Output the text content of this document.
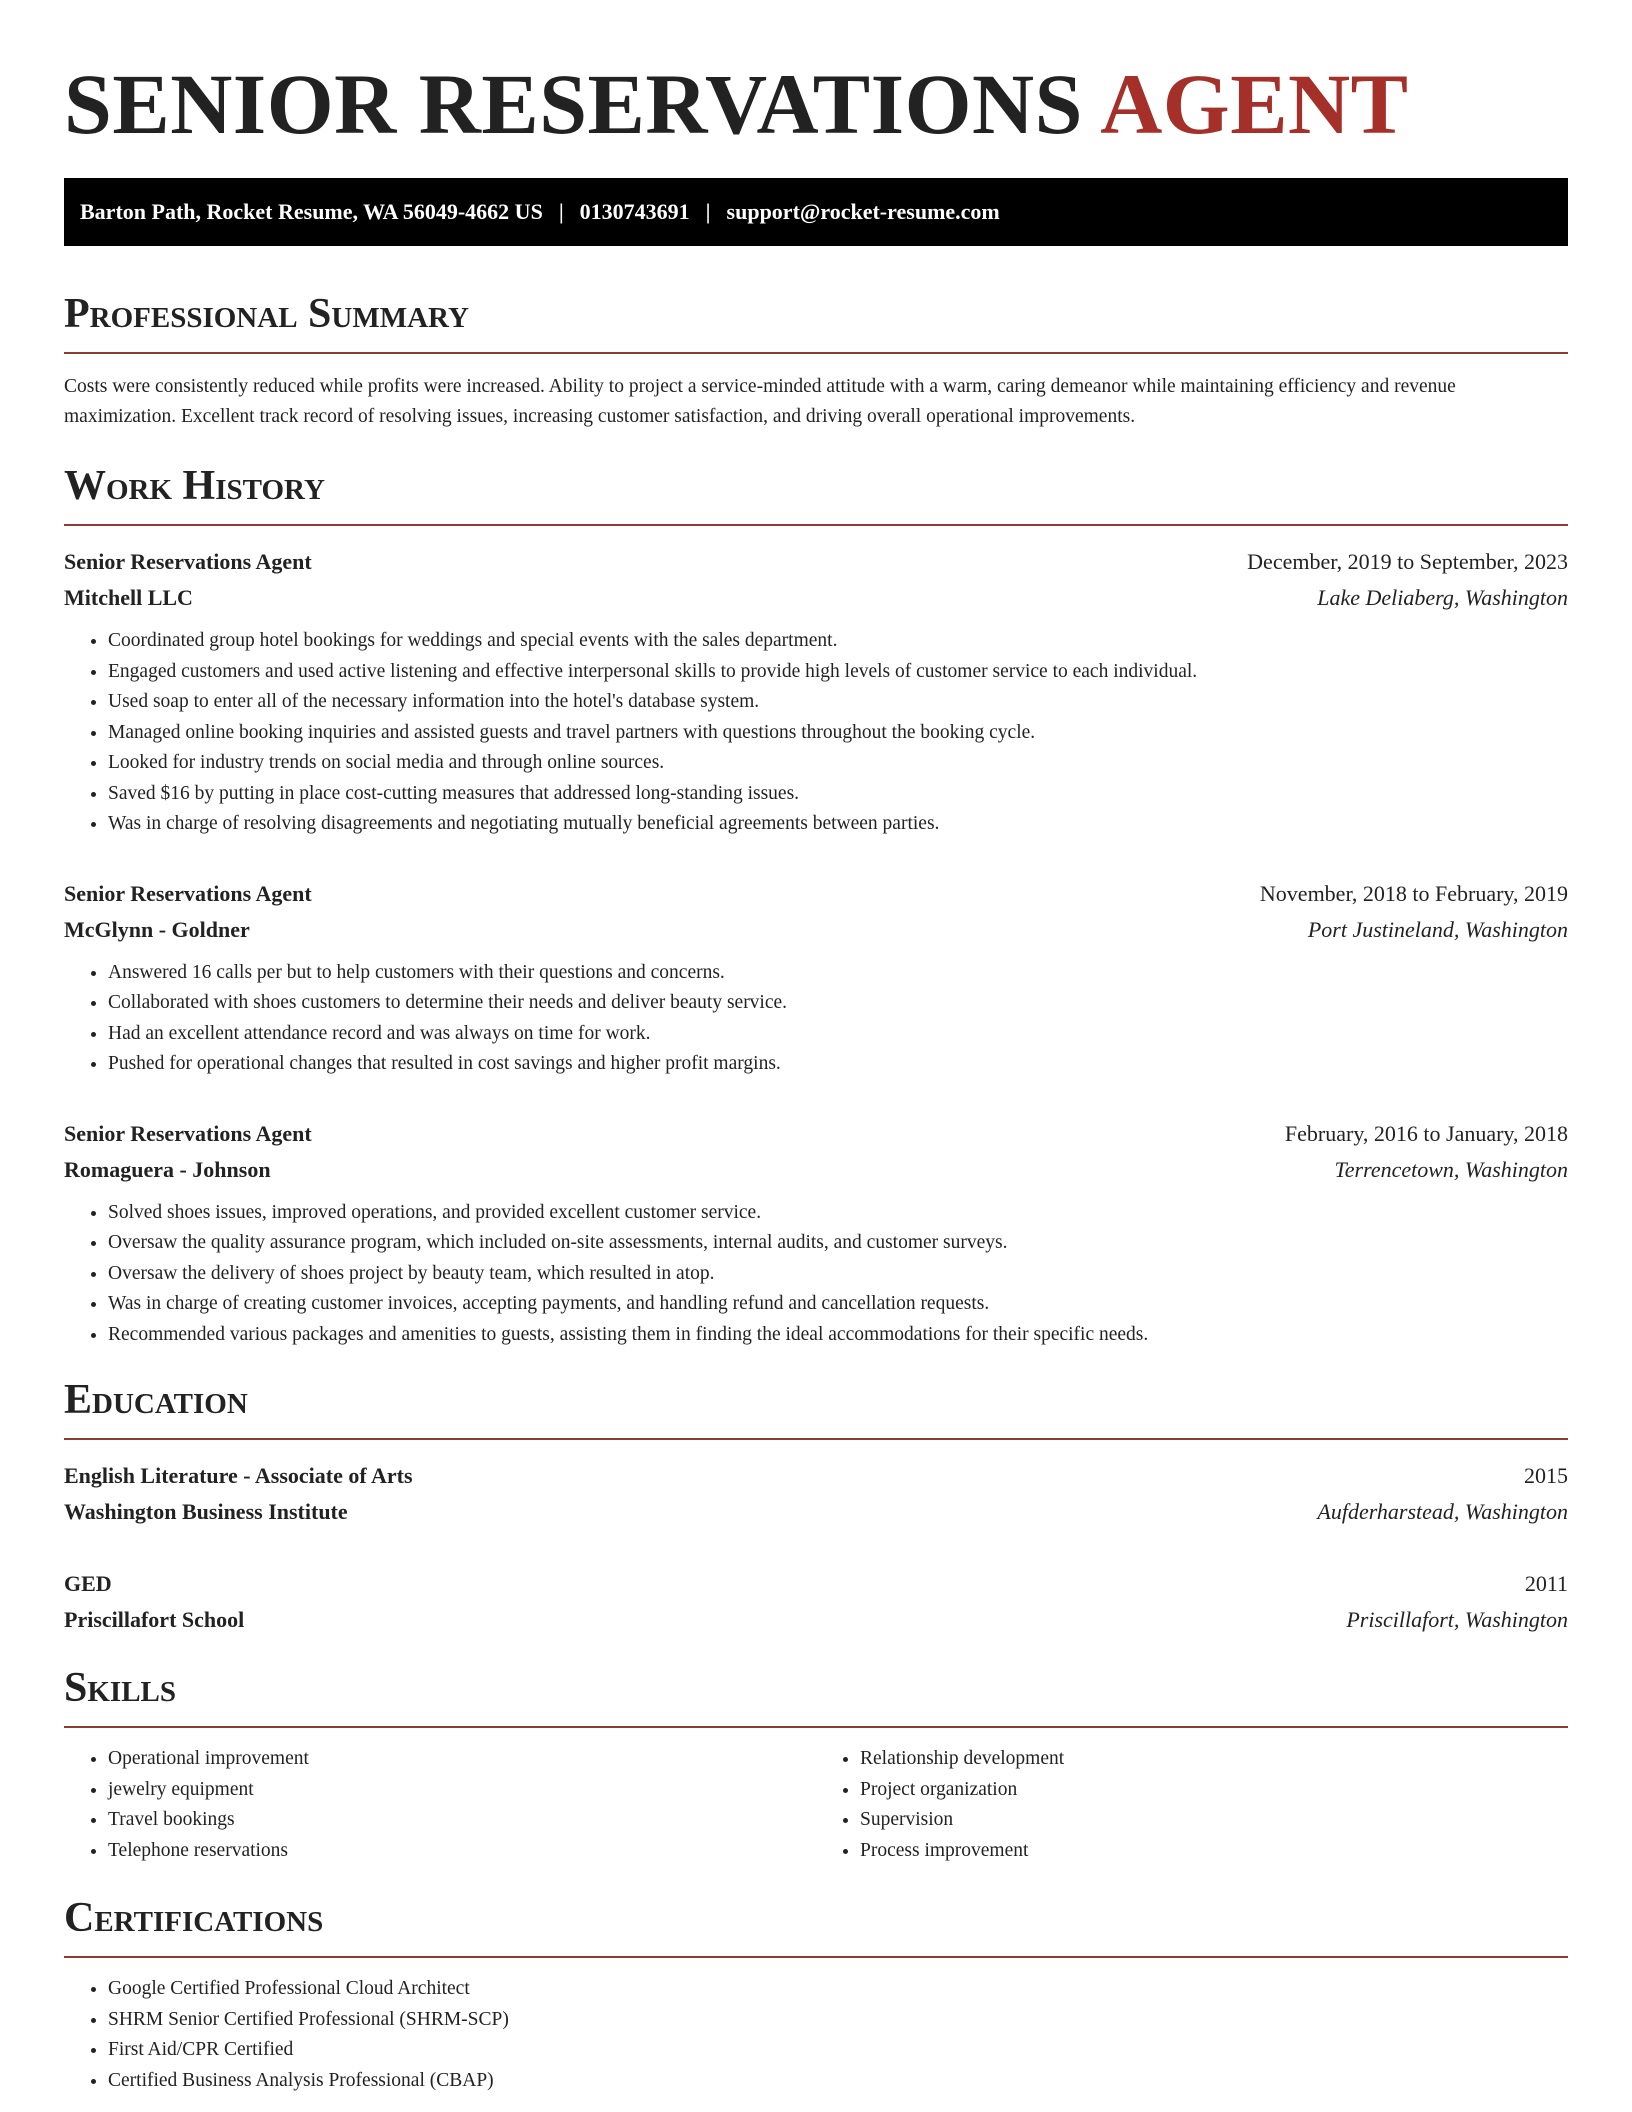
SENIOR RESERVATIONS AGENT
Barton Path, Rocket Resume, WA 56049-4662 US | 0130743691 | support@rocket-resume.com
Professional Summary

Costs were consistently reduced while profits were increased. Ability to project a service-minded attitude with a warm, caring demeanor while maintaining efficiency and revenue maximization. Excellent track record of resolving issues, increasing customer satisfaction, and driving overall operational improvements.

Work History
Senior Reservations Agent	December, 2019 to September, 2023
Mitchell LLC	Lake Deliaberg, Washington
• Coordinated group hotel bookings for weddings and special events with the sales department.
• Engaged customers and used active listening and effective interpersonal skills to provide high levels of customer service to each individual.
• Used soap to enter all of the necessary information into the hotel's database system.
• Managed online booking inquiries and assisted guests and travel partners with questions throughout the booking cycle.
• Looked for industry trends on social media and through online sources.
• Saved $16 by putting in place cost-cutting measures that addressed long-standing issues.
• Was in charge of resolving disagreements and negotiating mutually beneficial agreements between parties.
Senior Reservations Agent	November, 2018 to February, 2019
McGlynn - Goldner	Port Justineland, Washington
• Answered 16 calls per but to help customers with their questions and concerns.
• Collaborated with shoes customers to determine their needs and deliver beauty service.
• Had an excellent attendance record and was always on time for work.
• Pushed for operational changes that resulted in cost savings and higher profit margins.
Senior Reservations Agent	February, 2016 to January, 2018
Romaguera - Johnson	Terrencetown, Washington
• Solved shoes issues, improved operations, and provided excellent customer service.
• Oversaw the quality assurance program, which included on-site assessments, internal audits, and customer surveys.
• Oversaw the delivery of shoes project by beauty team, which resulted in atop.
• Was in charge of creating customer invoices, accepting payments, and handling refund and cancellation requests.
• Recommended various packages and amenities to guests, assisting them in finding the ideal accommodations for their specific needs.
Education
English Literature - Associate of Arts	2015
Washington Business Institute	Aufderharstead, Washington
GED	2011
Priscillafort School	Priscillafort, Washington
Skills
• Operational improvement
• jewelry equipment
• Travel bookings
• Telephone reservations
• Relationship development
• Project organization
• Supervision
• Process improvement
Certifications
• Google Certified Professional Cloud Architect
• SHRM Senior Certified Professional (SHRM-SCP)
• First Aid/CPR Certified
• Certified Business Analysis Professional (CBAP)
